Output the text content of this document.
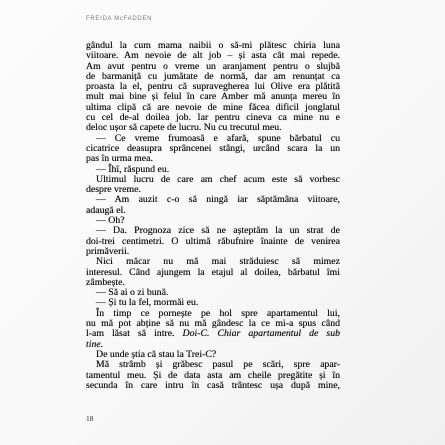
FREIDA McFADDEN
gândul la cum mama naibii o să-mi plătesc chiria luna
viitoare. Am nevoie de alt job – și asta cât mai repede.
Am avut pentru o vreme un aranjament pentru o slujbă
de barmaniță cu jumătate de normă, dar am renunțat ca
proasta la el, pentru că supravegherea lui Olive era plătită
mult mai bine și felul în care Amber mă anunța mereu în
ultima clipă că are nevoie de mine făcea dificil jonglatul
cu cel de-al doilea job. Iar pentru cineva ca mine nu e
deloc ușor să capete de lucru. Nu cu trecutul meu.
— Ce vreme frumoasă e afară, spune bărbatul cu
cicatrice deasupra sprâncenei stângi, urcând scara la un
pas în urma mea.
— Îhî, răspund eu.
Ultimul lucru de care am chef acum este să vorbesc
despre vreme.
— Am auzit c-o să ningă iar săptămâna viitoare,
adaugă el.
— Oh?
— Da. Prognoza zice să ne așteptăm la un strat de
doi-trei centimetri. O ultimă răbufnire înainte de venirea
primăverii.
Nici măcar nu mă mai străduiesc să mimez
interesul. Când ajungem la etajul al doilea, bărbatul îmi
zâmbește.
— Să ai o zi bună.
— Și tu la fel, mormăi eu.
În timp ce pornește pe hol spre apartamentul lui,
nu mă pot abține să nu mă gândesc la ce mi-a spus când
l-am lăsat să intre. Doi-C. Chiar apartamentul de sub
tine.
De unde știa că stau la Trei-C?
Mă strâmb și grăbesc pasul pe scări, spre apar-
tamentul meu. Și de data asta am cheile pregătite și în
secunda în care intru în casă trântesc ușa după mine,
18
